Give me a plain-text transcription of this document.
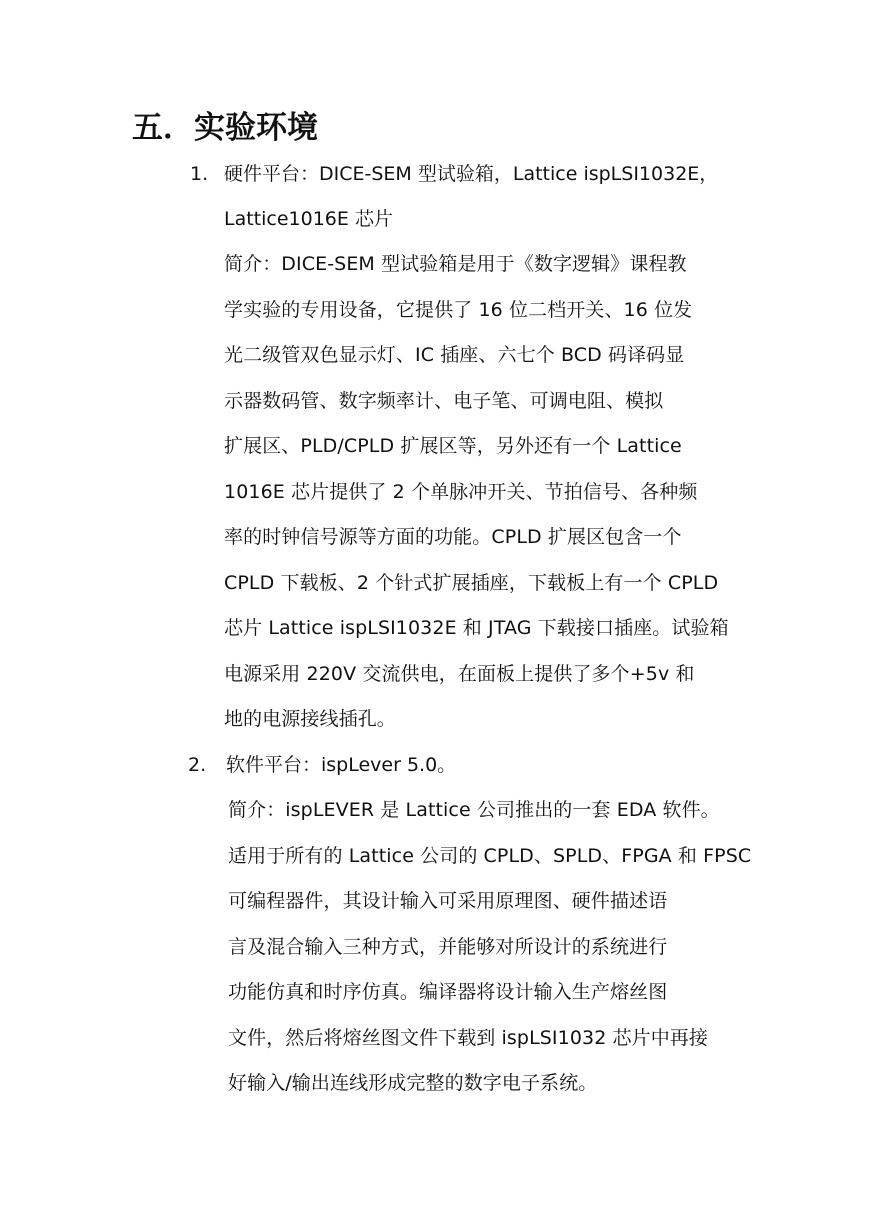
五．实验环境
1. 硬件平台：DICE-SEM 型试验箱，Lattice ispLSI1032E，
Lattice1016E 芯片
简介：DICE-SEM 型试验箱是用于《数字逻辑》课程教
学实验的专用设备，它提供了 16 位二档开关、16 位发
光二级管双色显示灯、IC 插座、六七个 BCD 码译码显
示器数码管、数字频率计、电子笔、可调电阻、模拟
扩展区、PLD/CPLD 扩展区等，另外还有一个 Lattice
1016E 芯片提供了 2 个单脉冲开关、节拍信号、各种频
率的时钟信号源等方面的功能。CPLD 扩展区包含一个
CPLD 下载板、2 个针式扩展插座，下载板上有一个 CPLD
芯片 Lattice ispLSI1032E 和 JTAG 下载接口插座。试验箱
电源采用 220V 交流供电，在面板上提供了多个+5v 和
地的电源接线插孔。
2. 软件平台：ispLever 5.0。
简介：ispLEVER 是 Lattice 公司推出的一套 EDA 软件。
适用于所有的 Lattice 公司的 CPLD、SPLD、FPGA 和 FPSC
可编程器件，其设计输入可采用原理图、硬件描述语
言及混合输入三种方式，并能够对所设计的系统进行
功能仿真和时序仿真。编译器将设计输入生产熔丝图
文件，然后将熔丝图文件下载到 ispLSI1032 芯片中再接
好输入/输出连线形成完整的数字电子系统。
